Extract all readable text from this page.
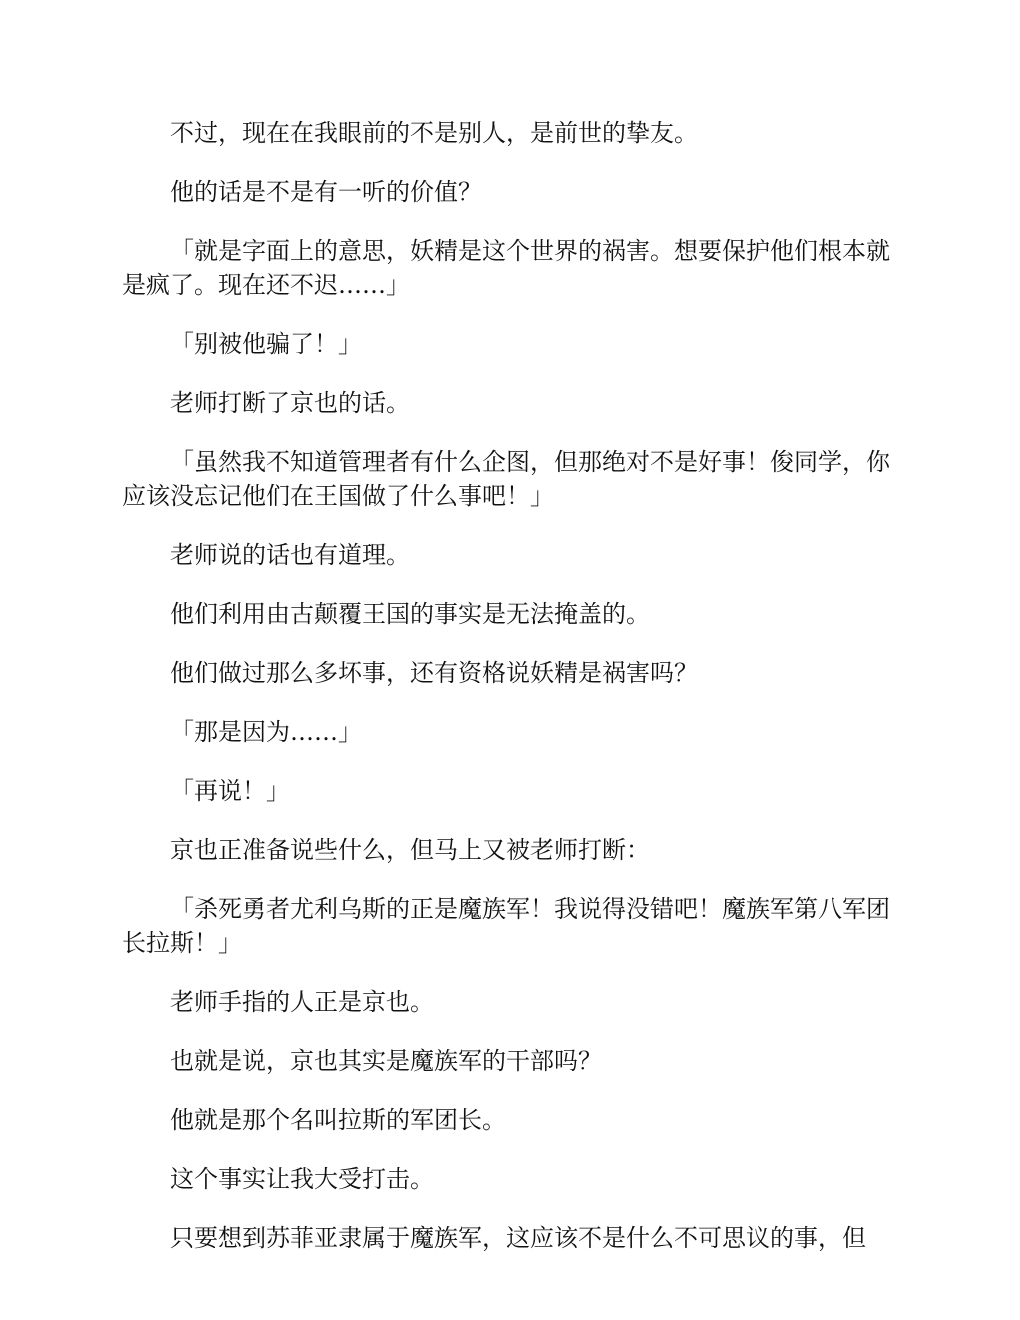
不过，现在在我眼前的不是别人，是前世的挚友。

他的话是不是有一听的价值？

「就是字面上的意思，妖精是这个世界的祸害。想要保护他们根本就是疯了。现在还不迟……」

「别被他骗了！」

老师打断了京也的话。

「虽然我不知道管理者有什么企图，但那绝对不是好事！俊同学，你应该没忘记他们在王国做了什么事吧！」

老师说的话也有道理。

他们利用由古颠覆王国的事实是无法掩盖的。

他们做过那么多坏事，还有资格说妖精是祸害吗？

「那是因为……」

「再说！」

京也正准备说些什么，但马上又被老师打断：

「杀死勇者尤利乌斯的正是魔族军！我说得没错吧！魔族军第八军团长拉斯！」

老师手指的人正是京也。

也就是说，京也其实是魔族军的干部吗？

他就是那个名叫拉斯的军团长。

这个事实让我大受打击。

只要想到苏菲亚隶属于魔族军，这应该不是什么不可思议的事，但
